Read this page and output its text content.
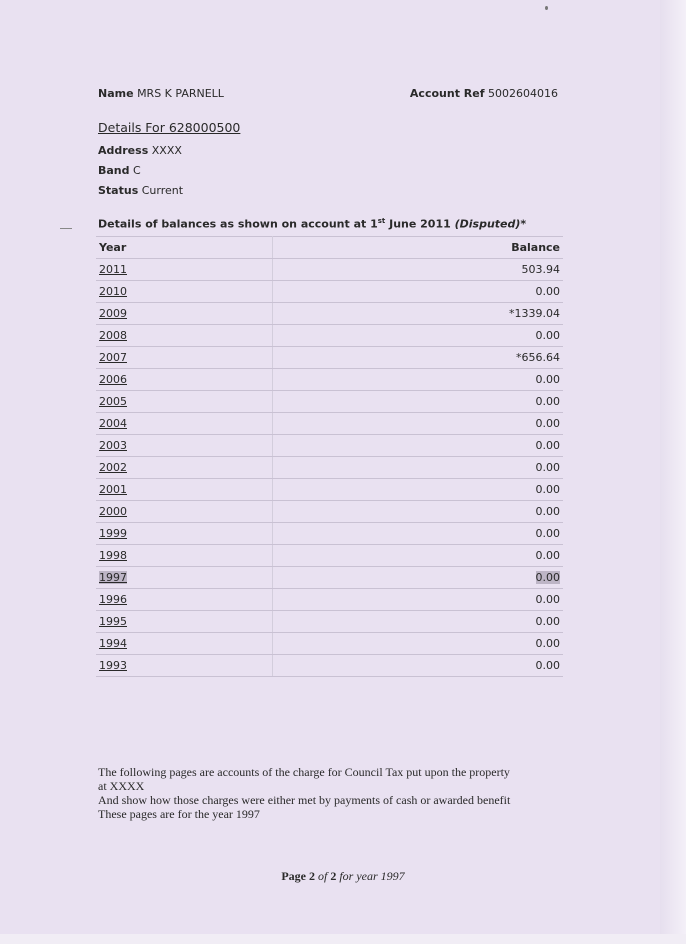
Name MRS K PARNELL	Account Ref 5002604016
Details For 628000500
Address XXXX
Band C
Status Current
Details of balances as shown on account at 1st June 2011 (Disputed)*
Year	Balance
2011	503.94
2010	0.00
2009	*1339.04
2008	0.00
2007	*656.64
2006	0.00
2005	0.00
2004	0.00
2003	0.00
2002	0.00
2001	0.00
2000	0.00
1999	0.00
1998	0.00
1997	0.00
1996	0.00
1995	0.00
1994	0.00
1993	0.00
The following pages are accounts of the charge for Council Tax put upon the property
at XXXX
And show how those charges were either met by payments of cash or awarded benefit
These pages are for the year 1997
Page 2 of 2 for year 1997
